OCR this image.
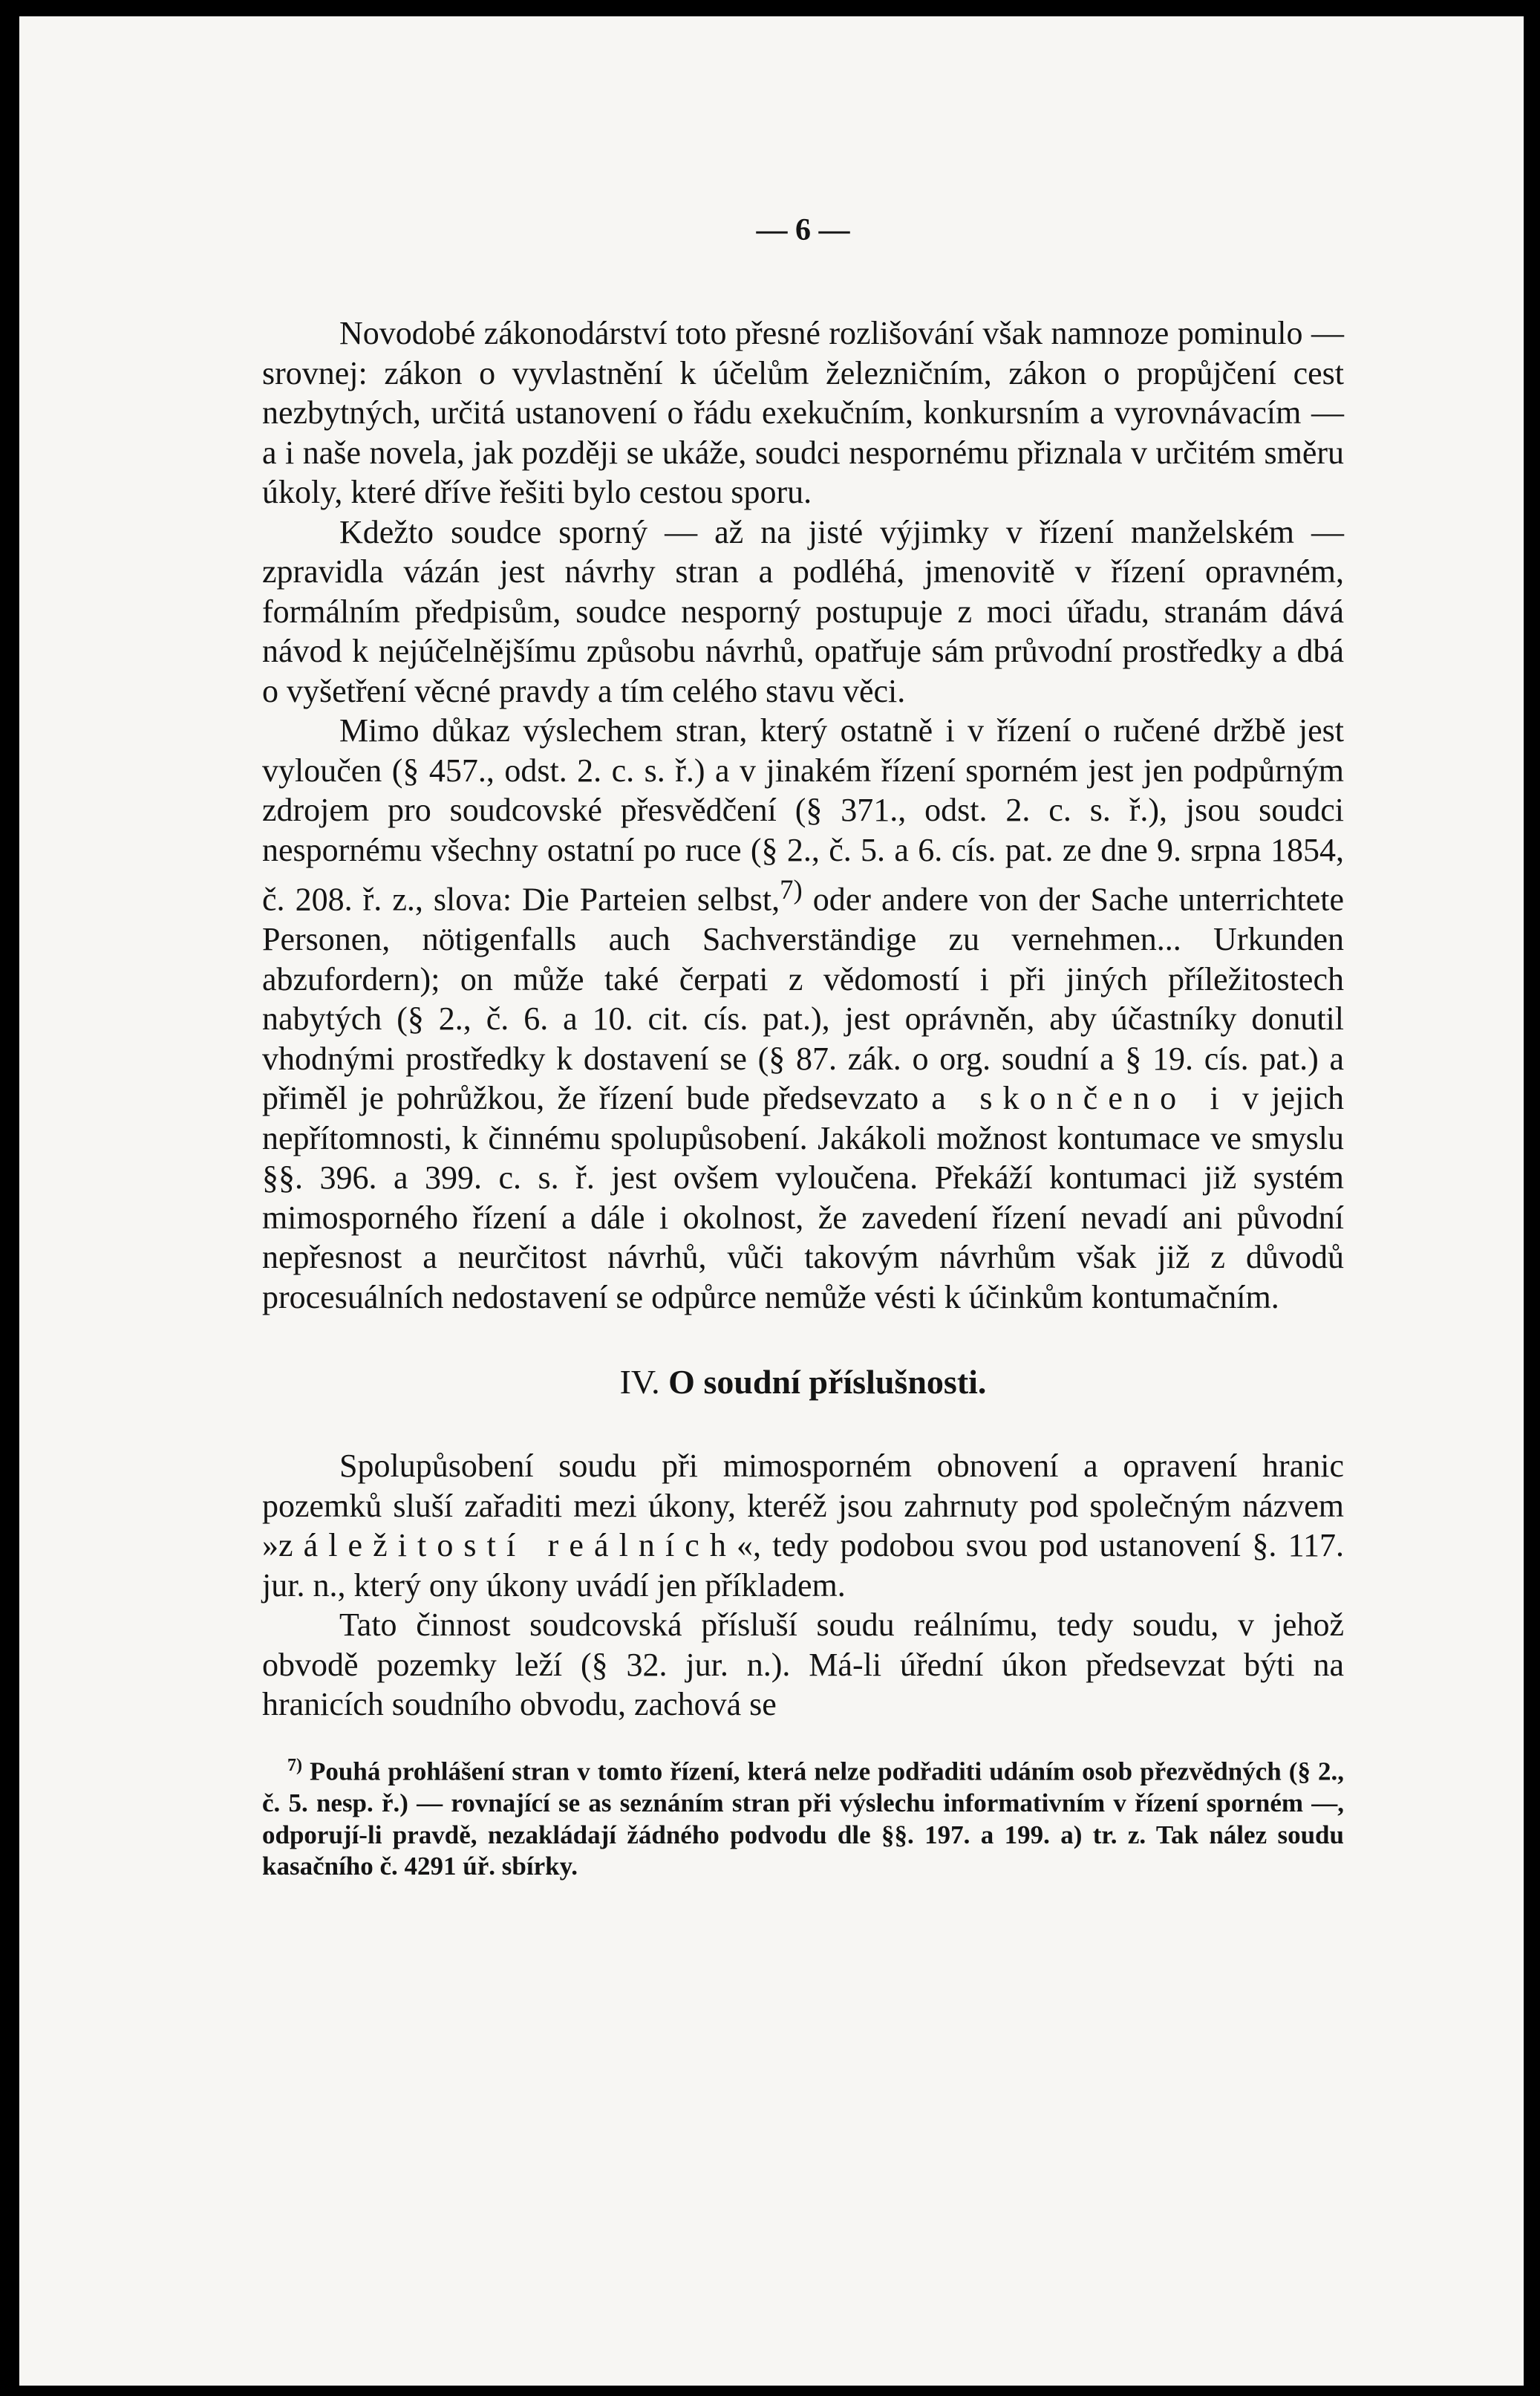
— 6 —

Novodobé zákonodárství toto přesné rozlišování však namnoze pominulo — srovnej: zákon o vyvlastnění k účelům železničním, zákon o propůjčení cest nezbytných, určitá ustanovení o řádu exekučním, konkursním a vyrovnávacím — a i naše novela, jak později se ukáže, soudci nespornému přiznala v určitém směru úkoly, které dříve řešiti bylo cestou sporu.

Kdežto soudce sporný — až na jisté výjimky v řízení manželském — zpravidla vázán jest návrhy stran a podléhá, jmenovitě v řízení opravném, formálním předpisům, soudce nesporný postupuje z moci úřadu, stranám dává návod k nejúčelnějšímu způsobu návrhů, opatřuje sám průvodní prostředky a dbá o vyšetření věcné pravdy a tím celého stavu věci.

Mimo důkaz výslechem stran, který ostatně i v řízení o ručené držbě jest vyloučen (§ 457., odst. 2. c. s. ř.) a v jinakém řízení sporném jest jen podpůrným zdrojem pro soudcovské přesvědčení (§ 371., odst. 2. c. s. ř.), jsou soudci nespornému všechny ostatní po ruce (§ 2., č. 5. a 6. cís. pat. ze dne 9. srpna 1854, č. 208. ř. z., slova: Die Parteien selbst,$^{7)}$ oder andere von der Sache unterrichtete Personen, nötigenfalls auch Sachverständige zu vernehmen... Urkunden abzufordern); on může také čerpati z vědomostí i při jiných příležitostech nabytých (§ 2., č. 6. a 10. cit. cís. pat.), jest oprávněn, aby účastníky donutil vhodnými prostředky k dostavení se (§ 87. zák. o org. soudní a § 19. cís. pat.) a přiměl je pohrůžkou, že řízení bude předsevzato a skončeno i v jejich nepřítomnosti, k činnému spolupůsobení. Jakákoli možnost kontumace ve smyslu §§. 396. a 399. c. s. ř. jest ovšem vyloučena. Překáží kontumaci již systém mimosporného řízení a dále i okolnost, že zavedení řízení nevadí ani původní nepřesnost a neurčitost návrhů, vůči takovým návrhům však již z důvodů procesuálních nedostavení se odpůrce nemůže vésti k účinkům kontumačním.

IV. O soudní příslušnosti.

Spolupůsobení soudu při mimosporném obnovení a opravení hranic pozemků sluší zařaditi mezi úkony, kteréž jsou zahrnuty pod společným názvem »záležitostí reálních«, tedy podobou svou pod ustanovení §. 117. jur. n., který ony úkony uvádí jen příkladem.

Tato činnost soudcovská přísluší soudu reálnímu, tedy soudu, v jehož obvodě pozemky leží (§ 32. jur. n.). Má-li úřední úkon předsevzat býti na hranicích soudního obvodu, zachová se

$^{7)}$ Pouhá prohlášení stran v tomto řízení, která nelze podřaditi udáním osob přezvědných (§ 2., č. 5. nesp. ř.) — rovnající se as seznáním stran při výslechu informativním v řízení sporném —, odporují-li pravdě, nezakládají žádného podvodu dle §§. 197. a 199. a) tr. z. Tak nález soudu kasačního č. 4291 úř. sbírky.
